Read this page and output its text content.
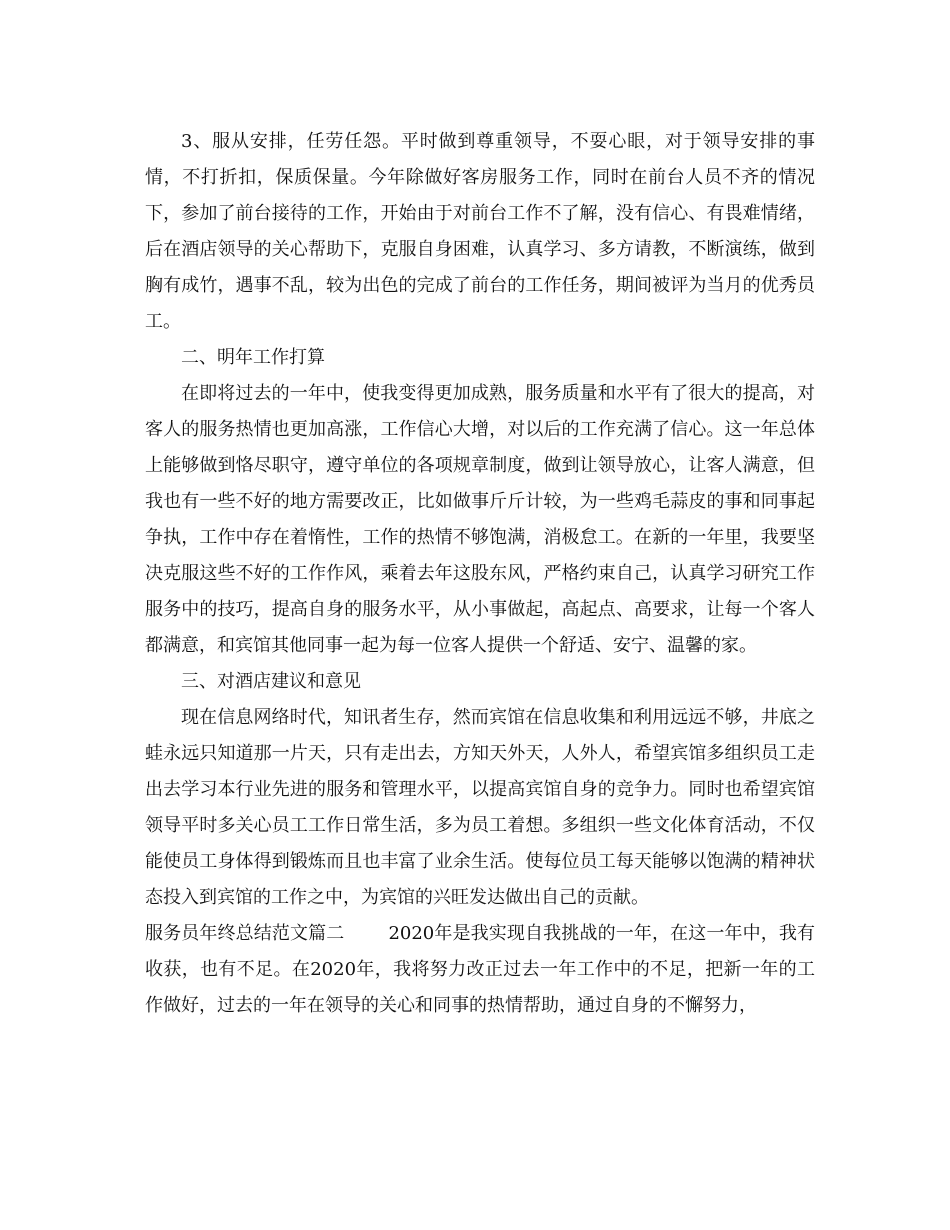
3、服从安排，任劳任怨。平时做到尊重领导，不耍心眼，对于领导安排的事情，不打折扣，保质保量。今年除做好客房服务工作，同时在前台人员不齐的情况下，参加了前台接待的工作，开始由于对前台工作不了解，没有信心、有畏难情绪，后在酒店领导的关心帮助下，克服自身困难，认真学习、多方请教，不断演练，做到胸有成竹，遇事不乱，较为出色的完成了前台的工作任务，期间被评为当月的优秀员工。

二、明年工作打算

在即将过去的一年中，使我变得更加成熟，服务质量和水平有了很大的提高，对客人的服务热情也更加高涨，工作信心大增，对以后的工作充满了信心。这一年总体上能够做到恪尽职守，遵守单位的各项规章制度，做到让领导放心，让客人满意，但我也有一些不好的地方需要改正，比如做事斤斤计较，为一些鸡毛蒜皮的事和同事起争执，工作中存在着惰性，工作的热情不够饱满，消极怠工。在新的一年里，我要坚决克服这些不好的工作作风，乘着去年这股东风，严格约束自己，认真学习研究工作服务中的技巧，提高自身的服务水平，从小事做起，高起点、高要求，让每一个客人都满意，和宾馆其他同事一起为每一位客人提供一个舒适、安宁、温馨的家。

三、对酒店建议和意见

现在信息网络时代，知讯者生存，然而宾馆在信息收集和利用远远不够，井底之蛙永远只知道那一片天，只有走出去，方知天外天，人外人，希望宾馆多组织员工走出去学习本行业先进的服务和管理水平，以提高宾馆自身的竞争力。同时也希望宾馆领导平时多关心员工工作日常生活，多为员工着想。多组织一些文化体育活动，不仅能使员工身体得到锻炼而且也丰富了业余生活。使每位员工每天能够以饱满的精神状态投入到宾馆的工作之中，为宾馆的兴旺发达做出自己的贡献。

服务员年终总结范文篇二 2020年是我实现自我挑战的一年，在这一年中，我有收获，也有不足。在2020年，我将努力改正过去一年工作中的不足，把新一年的工作做好，过去的一年在领导的关心和同事的热情帮助，通过自身的不懈努力，
